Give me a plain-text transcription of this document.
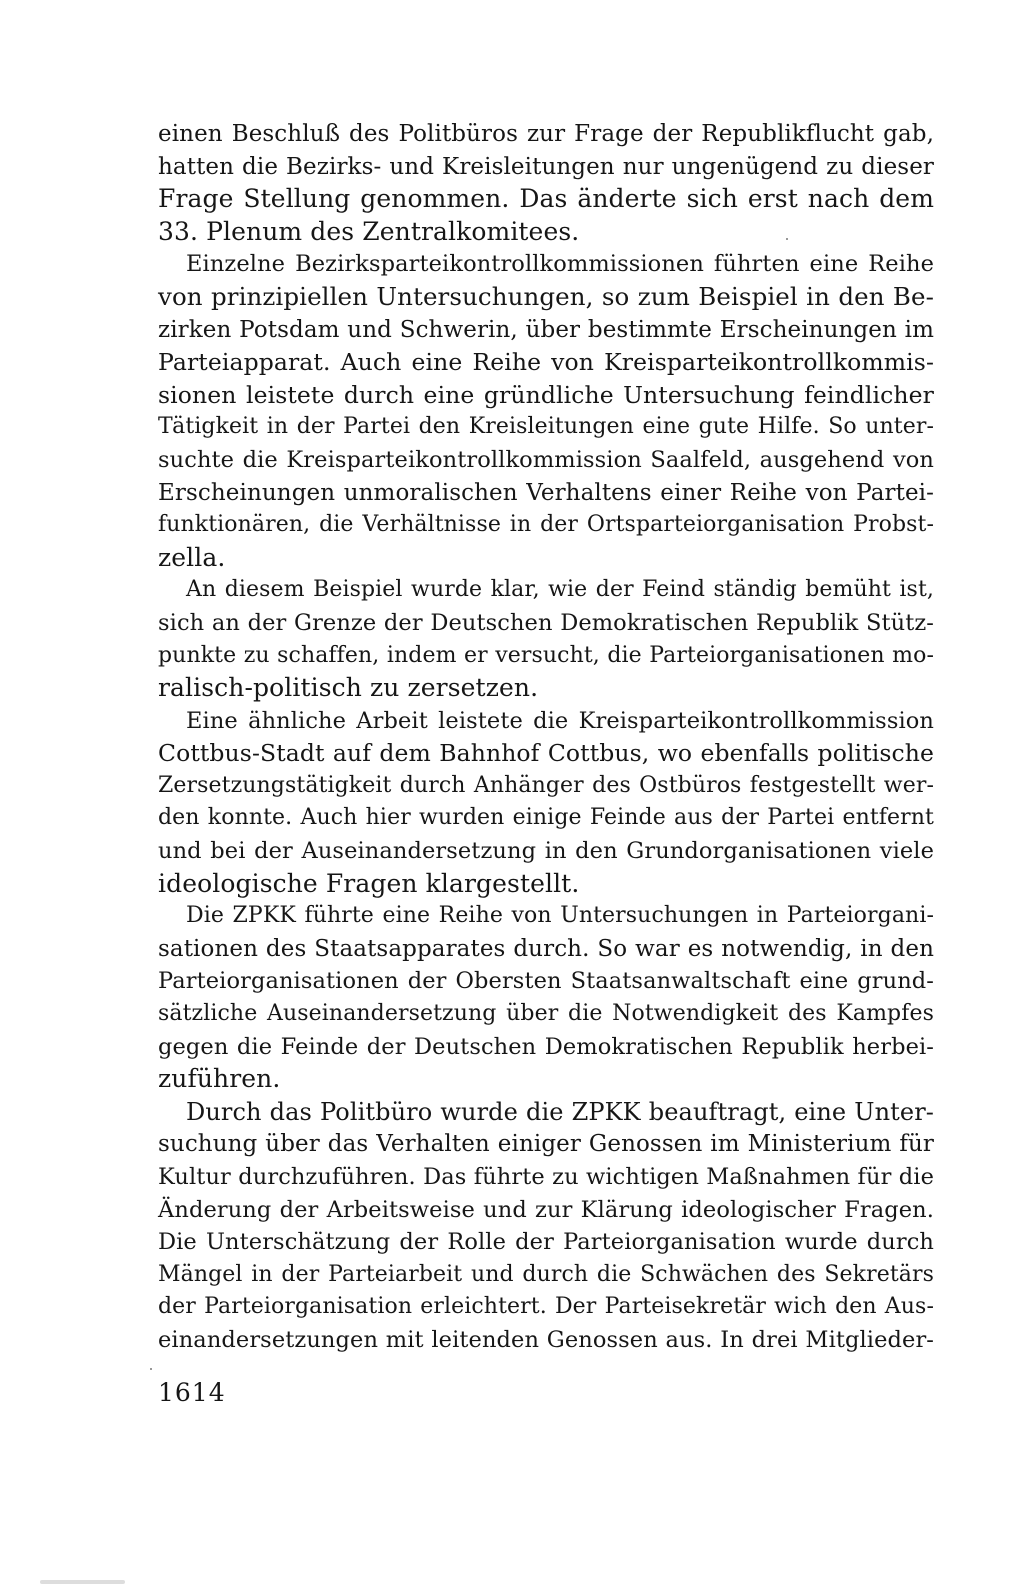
einen Beschluß des Politbüros zur Frage der Republikflucht gab,
hatten die Bezirks- und Kreisleitungen nur ungenügend zu dieser
Frage Stellung genommen. Das änderte sich erst nach dem
33. Plenum des Zentralkomitees.
Einzelne Bezirksparteikontrollkommissionen führten eine Reihe
von prinzipiellen Untersuchungen, so zum Beispiel in den Be-
zirken Potsdam und Schwerin, über bestimmte Erscheinungen im
Parteiapparat. Auch eine Reihe von Kreisparteikontrollkommis-
sionen leistete durch eine gründliche Untersuchung feindlicher
Tätigkeit in der Partei den Kreisleitungen eine gute Hilfe. So unter-
suchte die Kreisparteikontrollkommission Saalfeld, ausgehend von
Erscheinungen unmoralischen Verhaltens einer Reihe von Partei-
funktionären, die Verhältnisse in der Ortsparteiorganisation Probst-
zella.
An diesem Beispiel wurde klar, wie der Feind ständig bemüht ist,
sich an der Grenze der Deutschen Demokratischen Republik Stütz-
punkte zu schaffen, indem er versucht, die Parteiorganisationen mo-
ralisch-politisch zu zersetzen.
Eine ähnliche Arbeit leistete die Kreisparteikontrollkommission
Cottbus-Stadt auf dem Bahnhof Cottbus, wo ebenfalls politische
Zersetzungstätigkeit durch Anhänger des Ostbüros festgestellt wer-
den konnte. Auch hier wurden einige Feinde aus der Partei entfernt
und bei der Auseinandersetzung in den Grundorganisationen viele
ideologische Fragen klargestellt.
Die ZPKK führte eine Reihe von Untersuchungen in Parteiorgani-
sationen des Staatsapparates durch. So war es notwendig, in den
Parteiorganisationen der Obersten Staatsanwaltschaft eine grund-
sätzliche Auseinandersetzung über die Notwendigkeit des Kampfes
gegen die Feinde der Deutschen Demokratischen Republik herbei-
zuführen.
Durch das Politbüro wurde die ZPKK beauftragt, eine Unter-
suchung über das Verhalten einiger Genossen im Ministerium für
Kultur durchzuführen. Das führte zu wichtigen Maßnahmen für die
Änderung der Arbeitsweise und zur Klärung ideologischer Fragen.
Die Unterschätzung der Rolle der Parteiorganisation wurde durch
Mängel in der Parteiarbeit und durch die Schwächen des Sekretärs
der Parteiorganisation erleichtert. Der Parteisekretär wich den Aus-
einandersetzungen mit leitenden Genossen aus. In drei Mitglieder-
1614
